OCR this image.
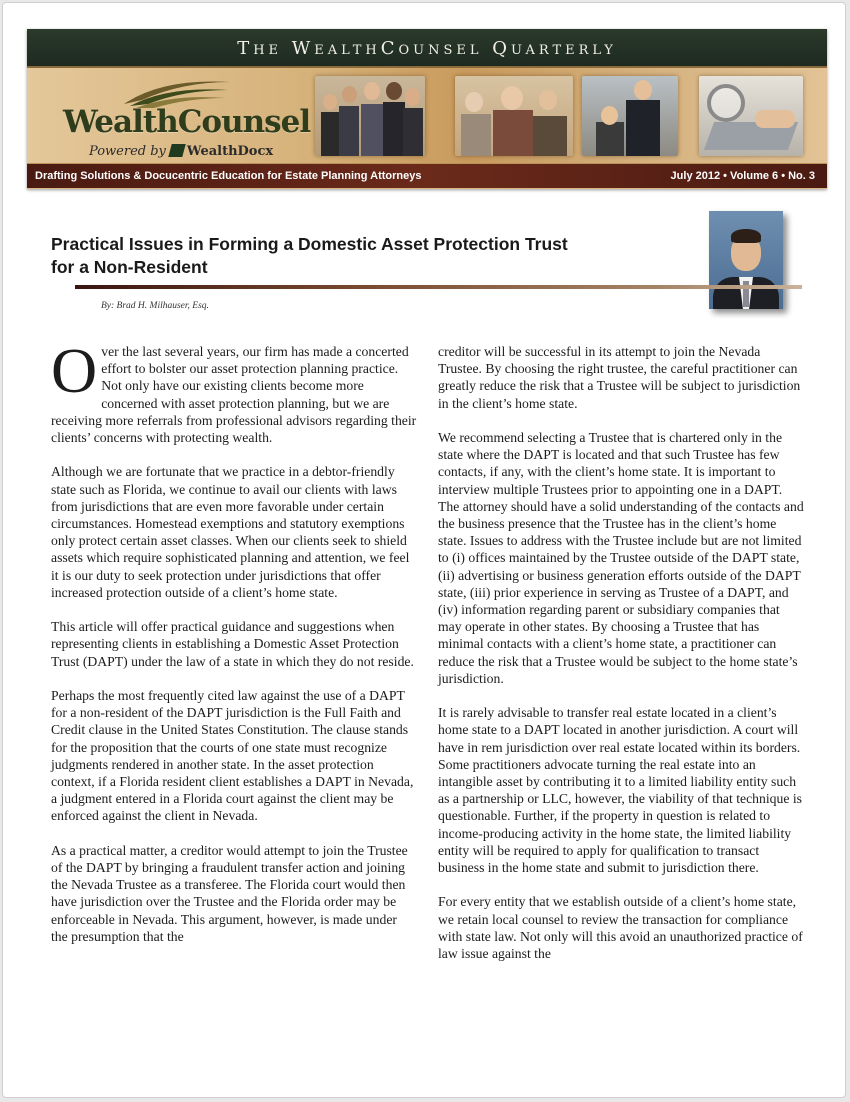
The WealthCounsel Quarterly
WealthCounsel
Powered by WealthDocx
Drafting Solutions & Docucentric Education for Estate Planning Attorneys	July 2012 • Volume 6 • No. 3
Practical Issues in Forming a Domestic Asset Protection Trust
for a Non-Resident
By: Brad H. Milhauser, Esq.

Over the last several years, our firm has made a concerted effort to bolster our asset protection planning practice. Not only have our existing clients become more concerned with asset protection planning, but we are receiving more referrals from professional advisors regarding their clients’ concerns with protecting wealth.

Although we are fortunate that we practice in a debtor-friendly state such as Florida, we continue to avail our clients with laws from jurisdictions that are even more favorable under certain circumstances. Homestead exemptions and statutory exemptions only protect certain asset classes. When our clients seek to shield assets which require sophisticated planning and attention, we feel it is our duty to seek protection under jurisdictions that offer increased protection outside of a client’s home state.

This article will offer practical guidance and suggestions when representing clients in establishing a Domestic Asset Protection Trust (DAPT) under the law of a state in which they do not reside.

Perhaps the most frequently cited law against the use of a DAPT for a non-resident of the DAPT jurisdiction is the Full Faith and Credit clause in the United States Constitution. The clause stands for the proposition that the courts of one state must recognize judgments rendered in another state. In the asset protection context, if a Florida resident client establishes a DAPT in Nevada, a judgment entered in a Florida court against the client may be enforced against the client in Nevada.

As a practical matter, a creditor would attempt to join the Trustee of the DAPT by bringing a fraudulent transfer action and joining the Nevada Trustee as a transferee. The Florida court would then have jurisdiction over the Trustee and the Florida order may be enforceable in Nevada. This argument, however, is made under the presumption that the

creditor will be successful in its attempt to join the Nevada Trustee. By choosing the right trustee, the careful practitioner can greatly reduce the risk that a Trustee will be subject to jurisdiction in the client’s home state.

We recommend selecting a Trustee that is chartered only in the state where the DAPT is located and that such Trustee has few contacts, if any, with the client’s home state. It is important to interview multiple Trustees prior to appointing one in a DAPT. The attorney should have a solid understanding of the contacts and the business presence that the Trustee has in the client’s home state. Issues to address with the Trustee include but are not limited to (i) offices maintained by the Trustee outside of the DAPT state, (ii) advertising or business generation efforts outside of the DAPT state, (iii) prior experience in serving as Trustee of a DAPT, and (iv) information regarding parent or subsidiary companies that may operate in other states. By choosing a Trustee that has minimal contacts with a client’s home state, a practitioner can reduce the risk that a Trustee would be subject to the home state’s jurisdiction.

It is rarely advisable to transfer real estate located in a client’s home state to a DAPT located in another jurisdiction. A court will have in rem jurisdiction over real estate located within its borders. Some practitioners advocate turning the real estate into an intangible asset by contributing it to a limited liability entity such as a partnership or LLC, however, the viability of that technique is questionable. Further, if the property in question is related to income-producing activity in the home state, the limited liability entity will be required to apply for qualification to transact business in the home state and submit to jurisdiction there.

For every entity that we establish outside of a client’s home state, we retain local counsel to review the transaction for compliance with state law. Not only will this avoid an unauthorized practice of law issue against the
